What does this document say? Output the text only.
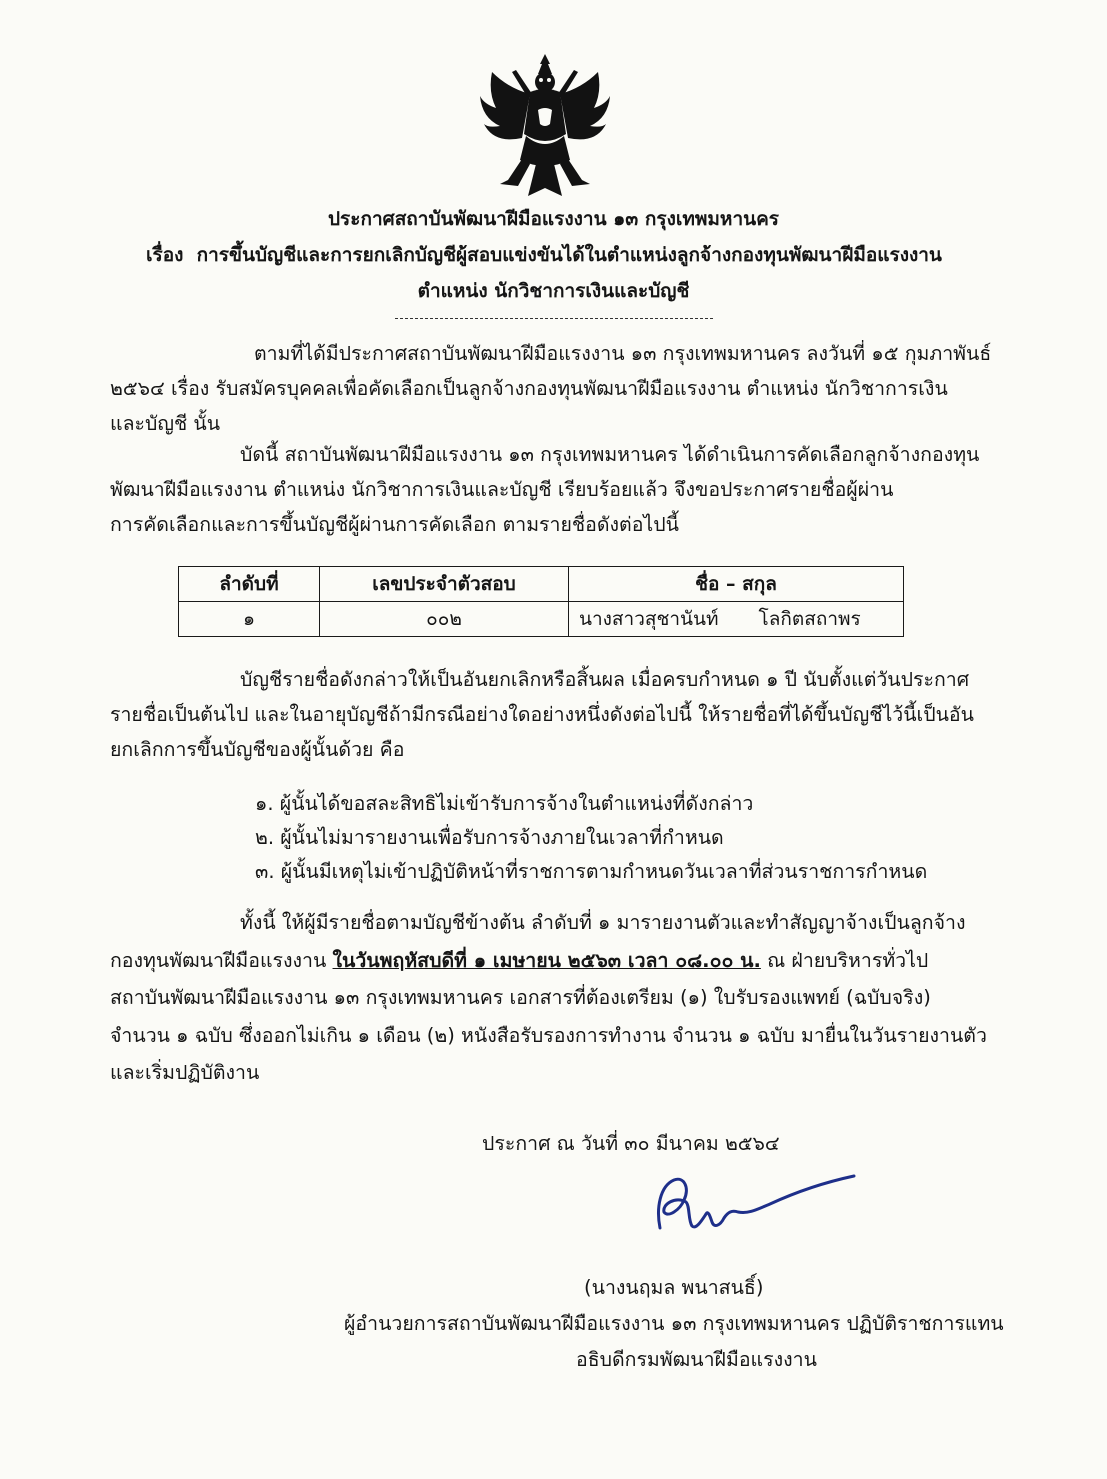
ประกาศสถาบันพัฒนาฝีมือแรงงาน ๑๓ กรุงเทพมหานคร
เรื่อง การขึ้นบัญชีและการยกเลิกบัญชีผู้สอบแข่งขันได้ในตำแหน่งลูกจ้างกองทุนพัฒนาฝีมือแรงงาน
ตำแหน่ง นักวิชาการเงินและบัญชี
ตามที่ได้มีประกาศสถาบันพัฒนาฝีมือแรงงาน ๑๓ กรุงเทพมหานคร ลงวันที่ ๑๕ กุมภาพันธ์
๒๕๖๔ เรื่อง รับสมัครบุคคลเพื่อคัดเลือกเป็นลูกจ้างกองทุนพัฒนาฝีมือแรงงาน ตำแหน่ง นักวิชาการเงิน
และบัญชี นั้น
บัดนี้ สถาบันพัฒนาฝีมือแรงงาน ๑๓ กรุงเทพมหานคร ได้ดำเนินการคัดเลือกลูกจ้างกองทุน
พัฒนาฝีมือแรงงาน ตำแหน่ง นักวิชาการเงินและบัญชี เรียบร้อยแล้ว จึงขอประกาศรายชื่อผู้ผ่าน
การคัดเลือกและการขึ้นบัญชีผู้ผ่านการคัดเลือก ตามรายชื่อดังต่อไปนี้
ลำดับที่	เลขประจำตัวสอบ	ชื่อ – สกุล
๑	๐๐๒	นางสาวสุชานันท์ โลกิตสถาพร
บัญชีรายชื่อดังกล่าวให้เป็นอันยกเลิกหรือสิ้นผล เมื่อครบกำหนด ๑ ปี นับตั้งแต่วันประกาศ
รายชื่อเป็นต้นไป และในอายุบัญชีถ้ามีกรณีอย่างใดอย่างหนึ่งดังต่อไปนี้ ให้รายชื่อที่ได้ขึ้นบัญชีไว้นี้เป็นอัน
ยกเลิกการขึ้นบัญชีของผู้นั้นด้วย คือ
๑. ผู้นั้นได้ขอสละสิทธิไม่เข้ารับการจ้างในตำแหน่งที่ดังกล่าว
๒. ผู้นั้นไม่มารายงานเพื่อรับการจ้างภายในเวลาที่กำหนด
๓. ผู้นั้นมีเหตุไม่เข้าปฏิบัติหน้าที่ราชการตามกำหนดวันเวลาที่ส่วนราชการกำหนด
ทั้งนี้ ให้ผู้มีรายชื่อตามบัญชีข้างต้น ลำดับที่ ๑ มารายงานตัวและทำสัญญาจ้างเป็นลูกจ้าง
กองทุนพัฒนาฝีมือแรงงาน ในวันพฤหัสบดีที่ ๑ เมษายน ๒๕๖๓ เวลา ๐๘.๐๐ น. ณ ฝ่ายบริหารทั่วไป
สถาบันพัฒนาฝีมือแรงงาน ๑๓ กรุงเทพมหานคร เอกสารที่ต้องเตรียม (๑) ใบรับรองแพทย์ (ฉบับจริง)
จำนวน ๑ ฉบับ ซึ่งออกไม่เกิน ๑ เดือน (๒) หนังสือรับรองการทำงาน จำนวน ๑ ฉบับ มายื่นในวันรายงานตัว
และเริ่มปฏิบัติงาน
ประกาศ ณ วันที่ ๓๐ มีนาคม ๒๕๖๔
(นางนฤมล พนาสนธิ์)
ผู้อำนวยการสถาบันพัฒนาฝีมือแรงงาน ๑๓ กรุงเทพมหานคร ปฏิบัติราชการแทน
อธิบดีกรมพัฒนาฝีมือแรงงาน
